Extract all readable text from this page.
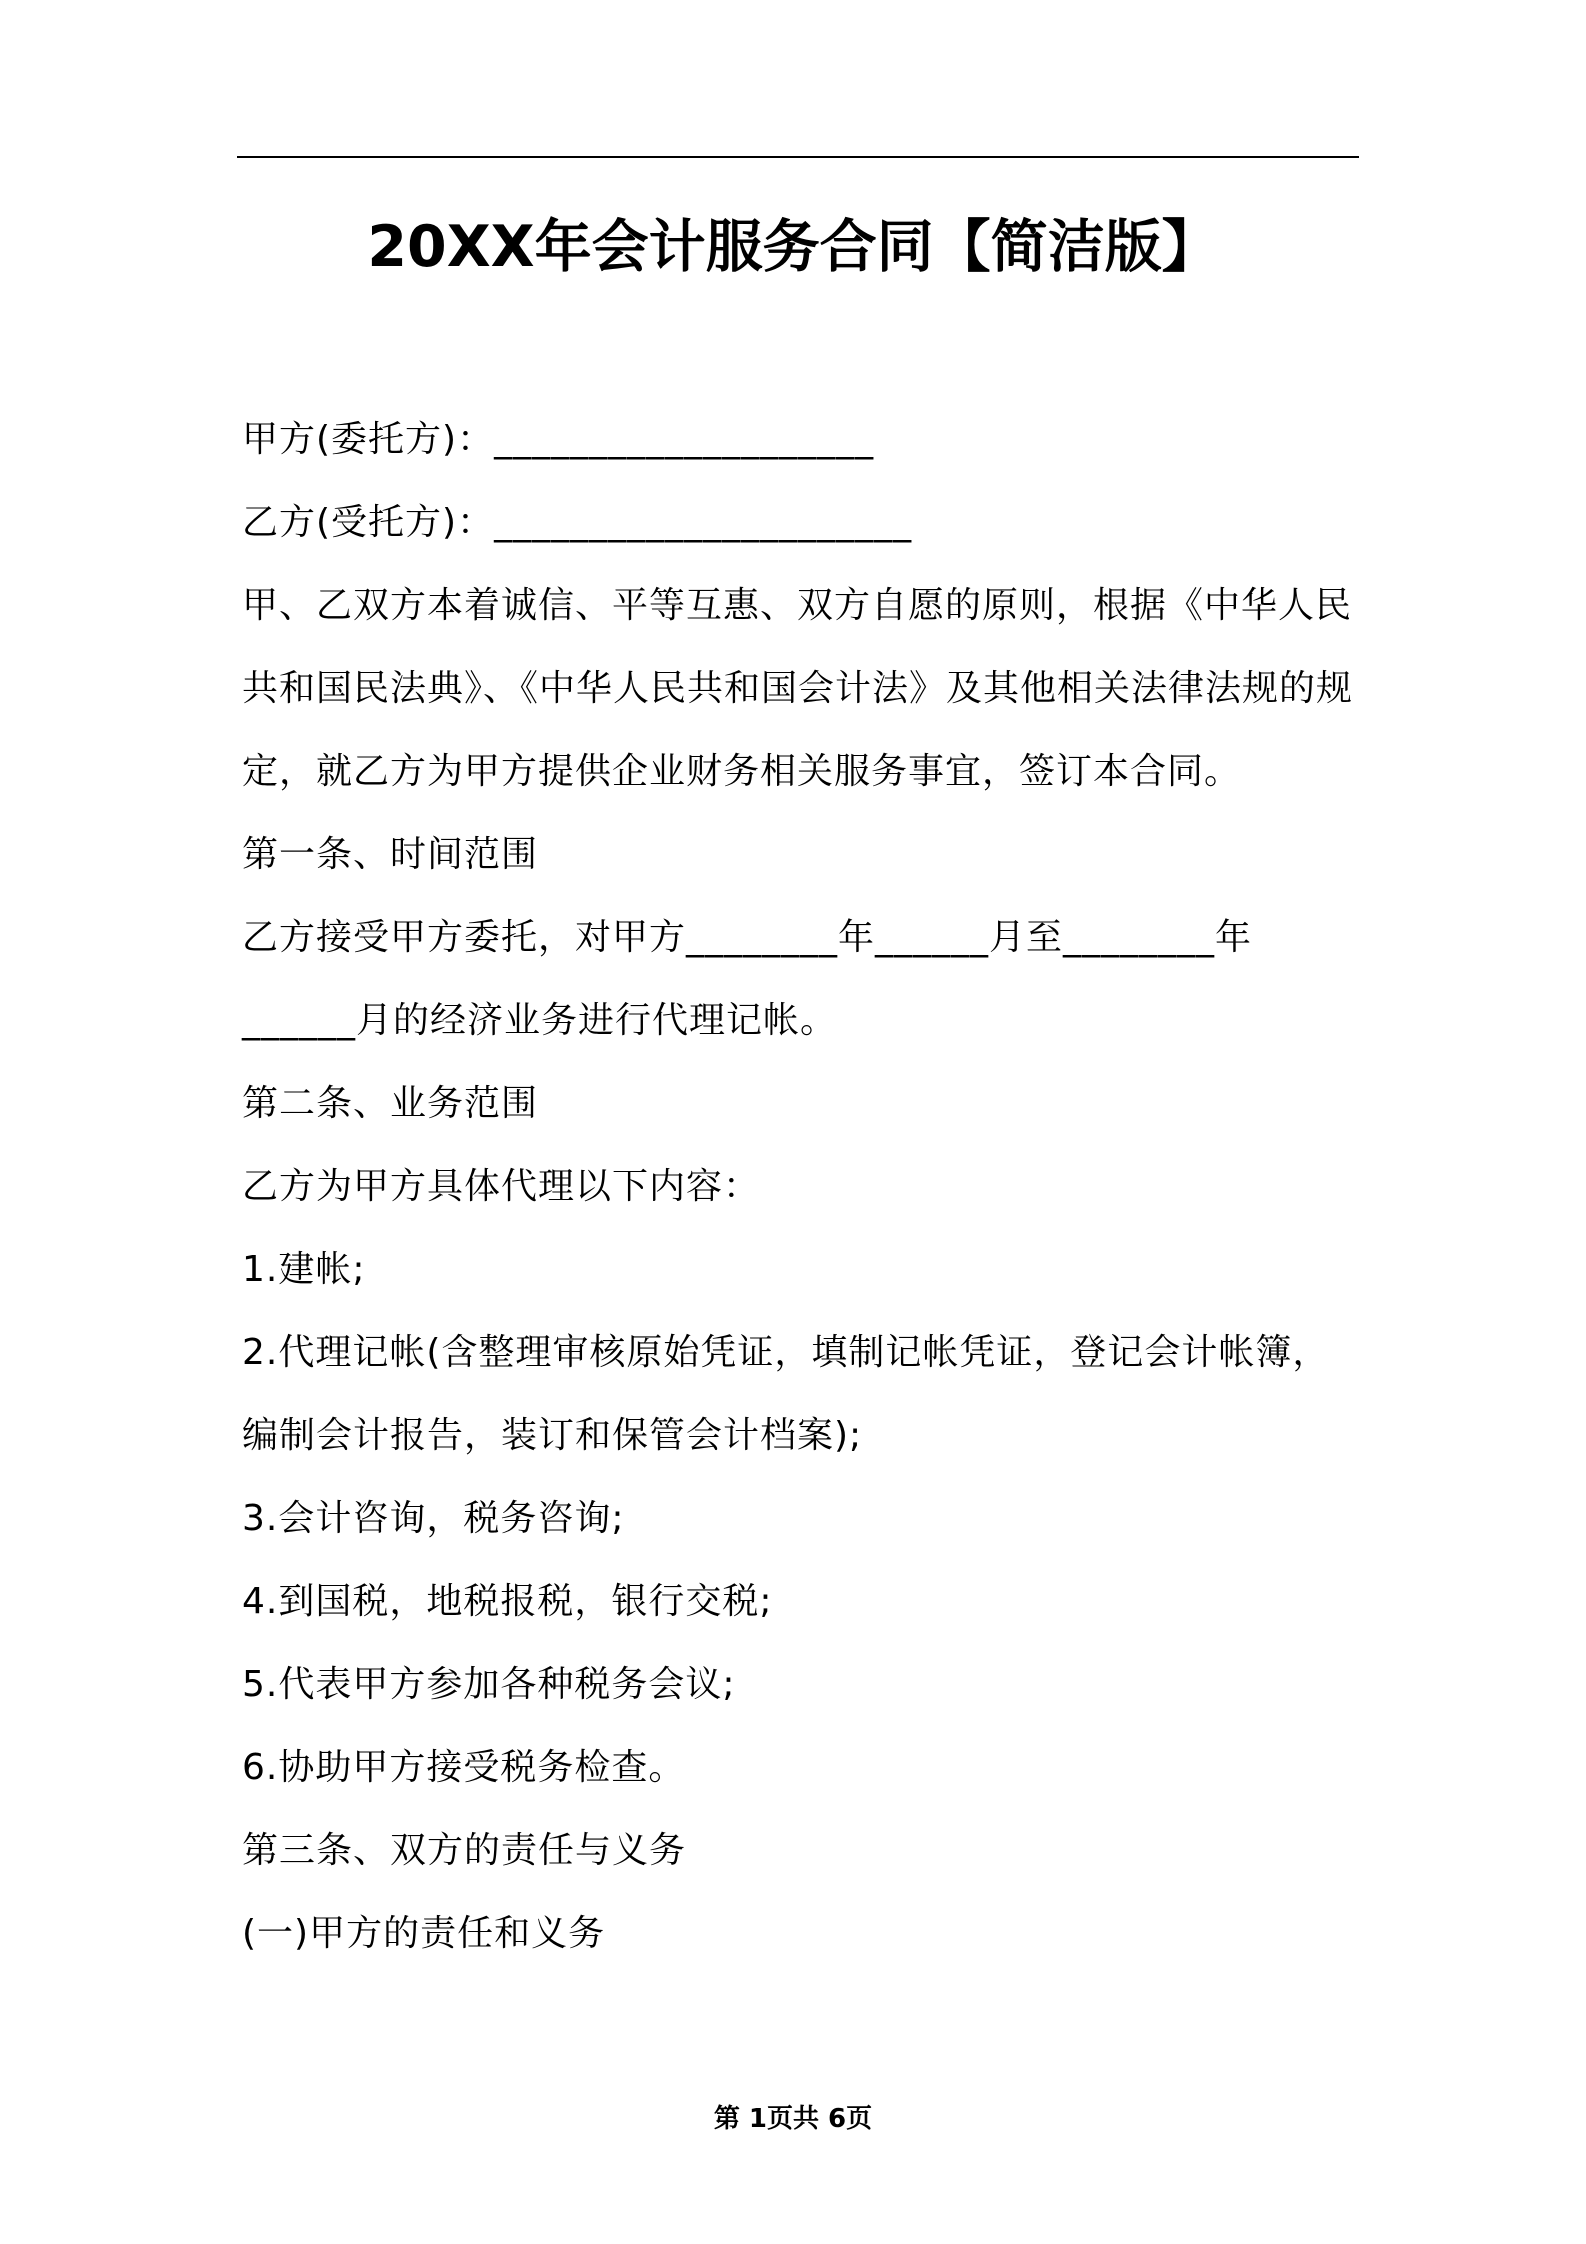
20XX年会计服务合同【简洁版】
甲方(委托方)：____________________
乙方(受托方)：______________________
甲、乙双方本着诚信、平等互惠、双方自愿的原则，根据《中华人民
共和国民法典》、《中华人民共和国会计法》及其他相关法律法规的规
定，就乙方为甲方提供企业财务相关服务事宜，签订本合同。
第一条、时间范围
乙方接受甲方委托，对甲方________年______月至________年
______月的经济业务进行代理记帐。
第二条、业务范围
乙方为甲方具体代理以下内容：
1.建帐;
2.代理记帐(含整理审核原始凭证，填制记帐凭证，登记会计帐簿，
编制会计报告，装订和保管会计档案);
3.会计咨询，税务咨询;
4.到国税，地税报税，银行交税;
5.代表甲方参加各种税务会议;
6.协助甲方接受税务检查。
第三条、双方的责任与义务
(一)甲方的责任和义务
第 1页共 6页
